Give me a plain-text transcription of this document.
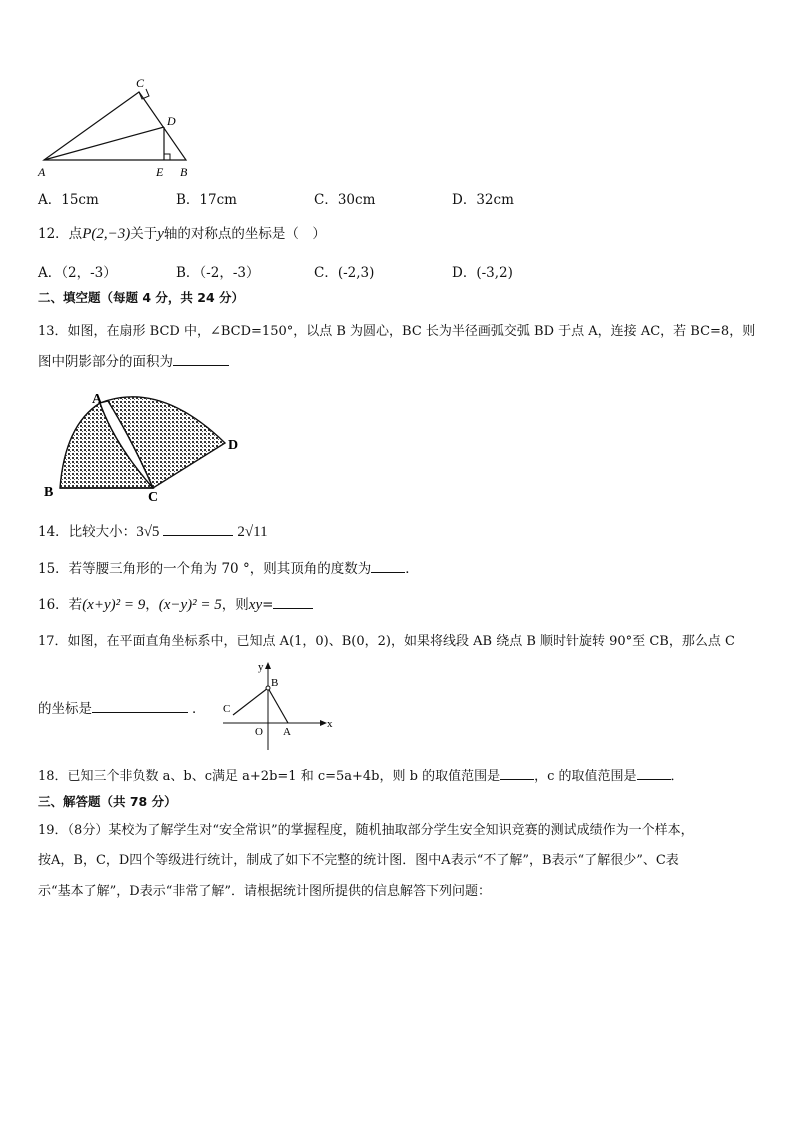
C
D
A	E B
A．15cm	B．17cm	C．30cm	D．32cm
12．点P(2,−3)关于y轴的对称点的坐标是（　）
A．（2，-3）	B．（-2，-3）	C．(-2,3)	D．(-3,2)
二、填空题（每题 4 分，共 24 分）
13．如图，在扇形 BCD 中，∠BCD=150°，以点 B 为圆心，BC 长为半径画弧交弧 BD 于点 A，连接 AC，若 BC=8，则
图中阴影部分的面积为
A
D
B	C
14．比较大小：3√5	2√11
15．若等腰三角形的一个角为 70 °，则其顶角的度数为	．
16．若(x+y)² = 9，(x−y)² = 5，则xy=
17．如图，在平面直角坐标系中，已知点 A(1，0)、B(0，2)，如果将线段 AB 绕点 B 顺时针旋转 90°至 CB，那么点 C
y
B
C
O A
x
的坐标是	．
18．已知三个非负数 a、b、c满足 a+2b=1 和 c=5a+4b，则 b 的取值范围是	，c 的取值范围是	．
三、解答题（共 78 分）
19．（8分）某校为了解学生对“安全常识”的掌握程度，随机抽取部分学生安全知识竞赛的测试成绩作为一个样本，
按A，B，C，D四个等级进行统计，制成了如下不完整的统计图．图中A表示“不了解”，B表示“了解很少”、C表
示“基本了解”，D表示“非常了解”．请根据统计图所提供的信息解答下列问题：
